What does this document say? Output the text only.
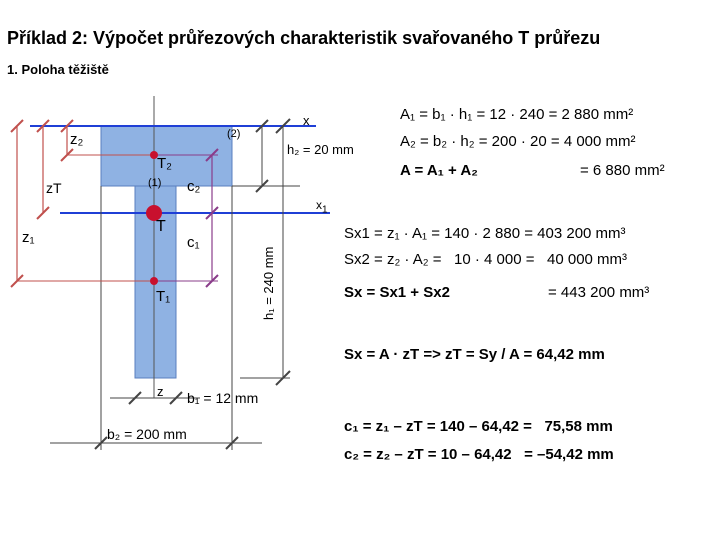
Příklad 2: Výpočet průřezových charakteristik svařovaného T průřezu
1. Poloha těžiště
x
$x_1$
z
(1)
(2)
h₂ = 20 mm
h₁ = 240 mm
b₁ = 12 mm
b₂ = 200 mm
z₂
zT
z₁
T₂
T
T₁
c₂
c₁
A₁ = b₁ · h₁ = 12 · 240 = 2 880 mm²
A₂ = b₂ · h₂ = 200 · 20 = 4 000 mm²
A = A₁ + A₂	= 6 880 mm²
Sx1 = z₁ · A₁ = 140 · 2 880 = 403 200 mm³
Sx2 = z₂ · A₂ =   10 · 4 000 =   40 000 mm³
Sx = Sx1 + Sx2	= 443 200 mm³
Sx = A · zT => zT = Sy / A = 64,42 mm
c₁ = z₁ – zT = 140 – 64,42 =   75,58 mm
c₂ = z₂ – zT = 10 – 64,42   = –54,42 mm
